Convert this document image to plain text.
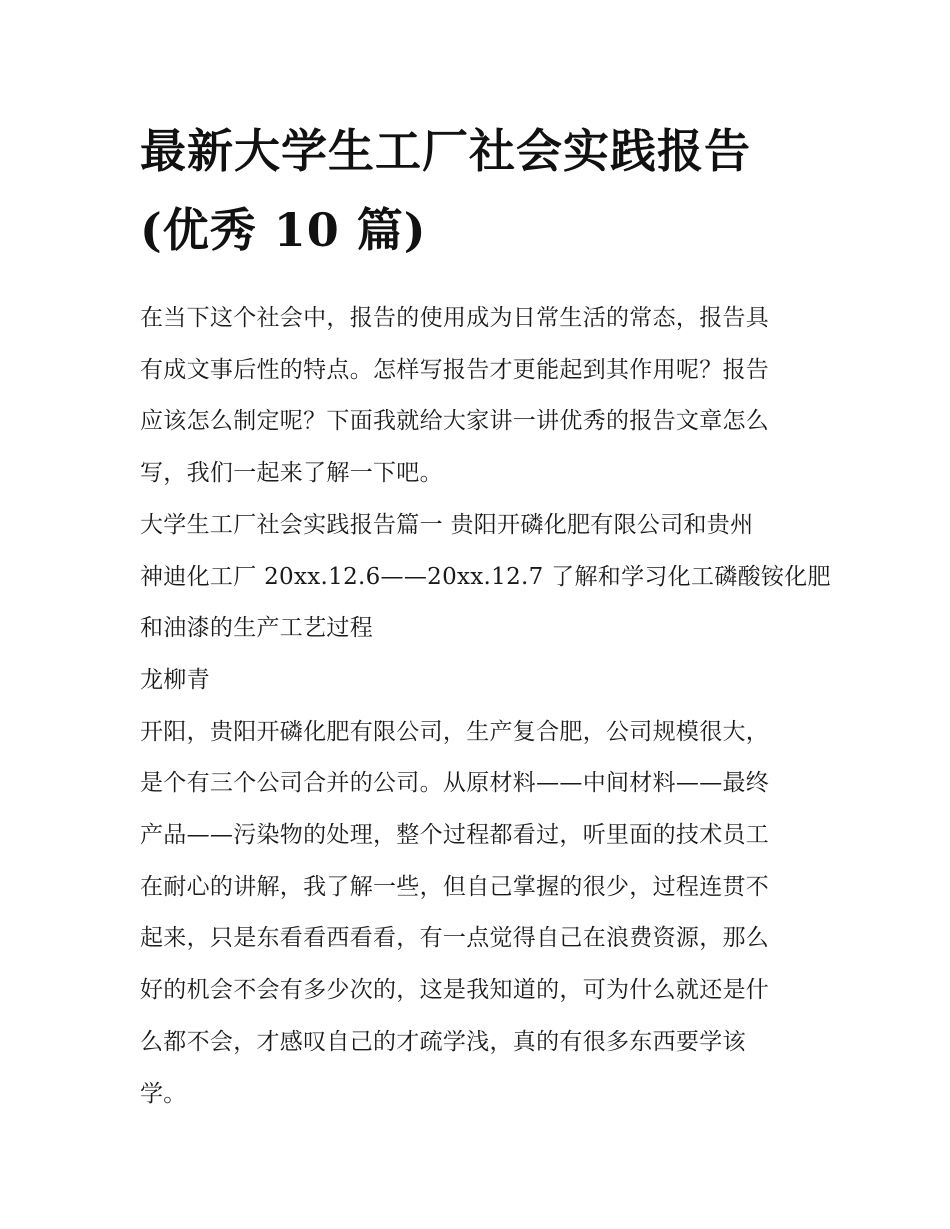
最新大学生工厂社会实践报告
(优秀 10 篇)

在当下这个社会中，报告的使用成为日常生活的常态，报告具
有成文事后性的特点。怎样写报告才更能起到其作用呢？报告
应该怎么制定呢？下面我就给大家讲一讲优秀的报告文章怎么
写，我们一起来了解一下吧。

大学生工厂社会实践报告篇一 贵阳开磷化肥有限公司和贵州
神迪化工厂 20xx.12.6——20xx.12.7 了解和学习化工磷酸铵化肥
和油漆的生产工艺过程

龙柳青

开阳，贵阳开磷化肥有限公司，生产复合肥，公司规模很大，
是个有三个公司合并的公司。从原材料——中间材料——最终
产品——污染物的处理，整个过程都看过，听里面的技术员工
在耐心的讲解，我了解一些，但自己掌握的很少，过程连贯不
起来，只是东看看西看看，有一点觉得自己在浪费资源，那么
好的机会不会有多少次的，这是我知道的，可为什么就还是什
么都不会，才感叹自己的才疏学浅，真的有很多东西要学该
学。
